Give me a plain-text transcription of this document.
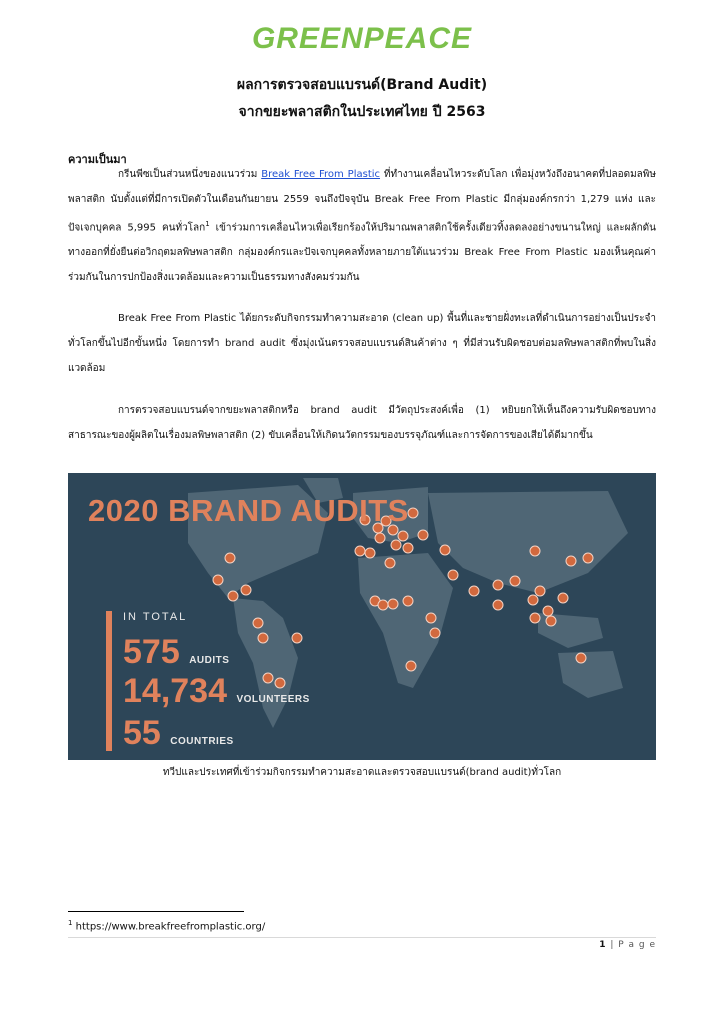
GREENPEACE
ผลการตรวจสอบแบรนด์(Brand Audit)
จากขยะพลาสติกในประเทศไทย ปี 2563
ความเป็นมา
กรีนพีซเป็นส่วนหนึ่งของแนวร่วม Break Free From Plastic ที่ทำงานเคลื่อนไหวระดับโลก เพื่อมุ่งหวังถึงอนาคตที่ปลอดมลพิษพลาสติก นับตั้งแต่ที่มีการเปิดตัวในเดือนกันยายน 2559 จนถึงปัจจุบัน Break Free From Plastic มีกลุ่มองค์กรกว่า 1,279 แห่ง และปัจเจกบุคคล 5,995 คนทั่วโลก$^1$ เข้าร่วมการเคลื่อนไหวเพื่อเรียกร้องให้ปริมาณพลาสติกใช้ครั้งเดียวทิ้งลดลงอย่างขนานใหญ่ และผลักดันทางออกที่ยั่งยืนต่อวิกฤตมลพิษพลาสติก กลุ่มองค์กรและปัจเจกบุคคลทั้งหลายภายใต้แนวร่วม Break Free From Plastic มองเห็นคุณค่าร่วมกันในการปกป้องสิ่งแวดล้อมและความเป็นธรรมทางสังคมร่วมกัน
Break Free From Plastic ได้ยกระดับกิจกรรมทำความสะอาด (clean up) พื้นที่และชายฝั่งทะเลที่ดำเนินการอย่างเป็นประจำทั่วโลกขึ้นไปอีกขั้นหนึ่ง โดยการทำ brand audit ซึ่งมุ่งเน้นตรวจสอบแบรนด์สินค้าต่าง ๆ ที่มีส่วนรับผิดชอบต่อมลพิษพลาสติกที่พบในสิ่งแวดล้อม
การตรวจสอบแบรนด์จากขยะพลาสติกหรือ brand audit มีวัตถุประสงค์เพื่อ (1) หยิบยกให้เห็นถึงความรับผิดชอบทางสาธารณะของผู้ผลิตในเรื่องมลพิษพลาสติก (2) ขับเคลื่อนให้เกิดนวัตกรรมของบรรจุภัณฑ์และการจัดการของเสียได้ดีมากขึ้น
2020 BRAND AUDITS
IN TOTAL
575 AUDITS
14,734 VOLUNTEERS
55 COUNTRIES
ทวีปและประเทศที่เข้าร่วมกิจกรรมทำความสะอาดและตรวจสอบแบรนด์(brand audit)ทั่วโลก
$^1$ https://www.breakfreefromplastic.org/
1 | P a g e
